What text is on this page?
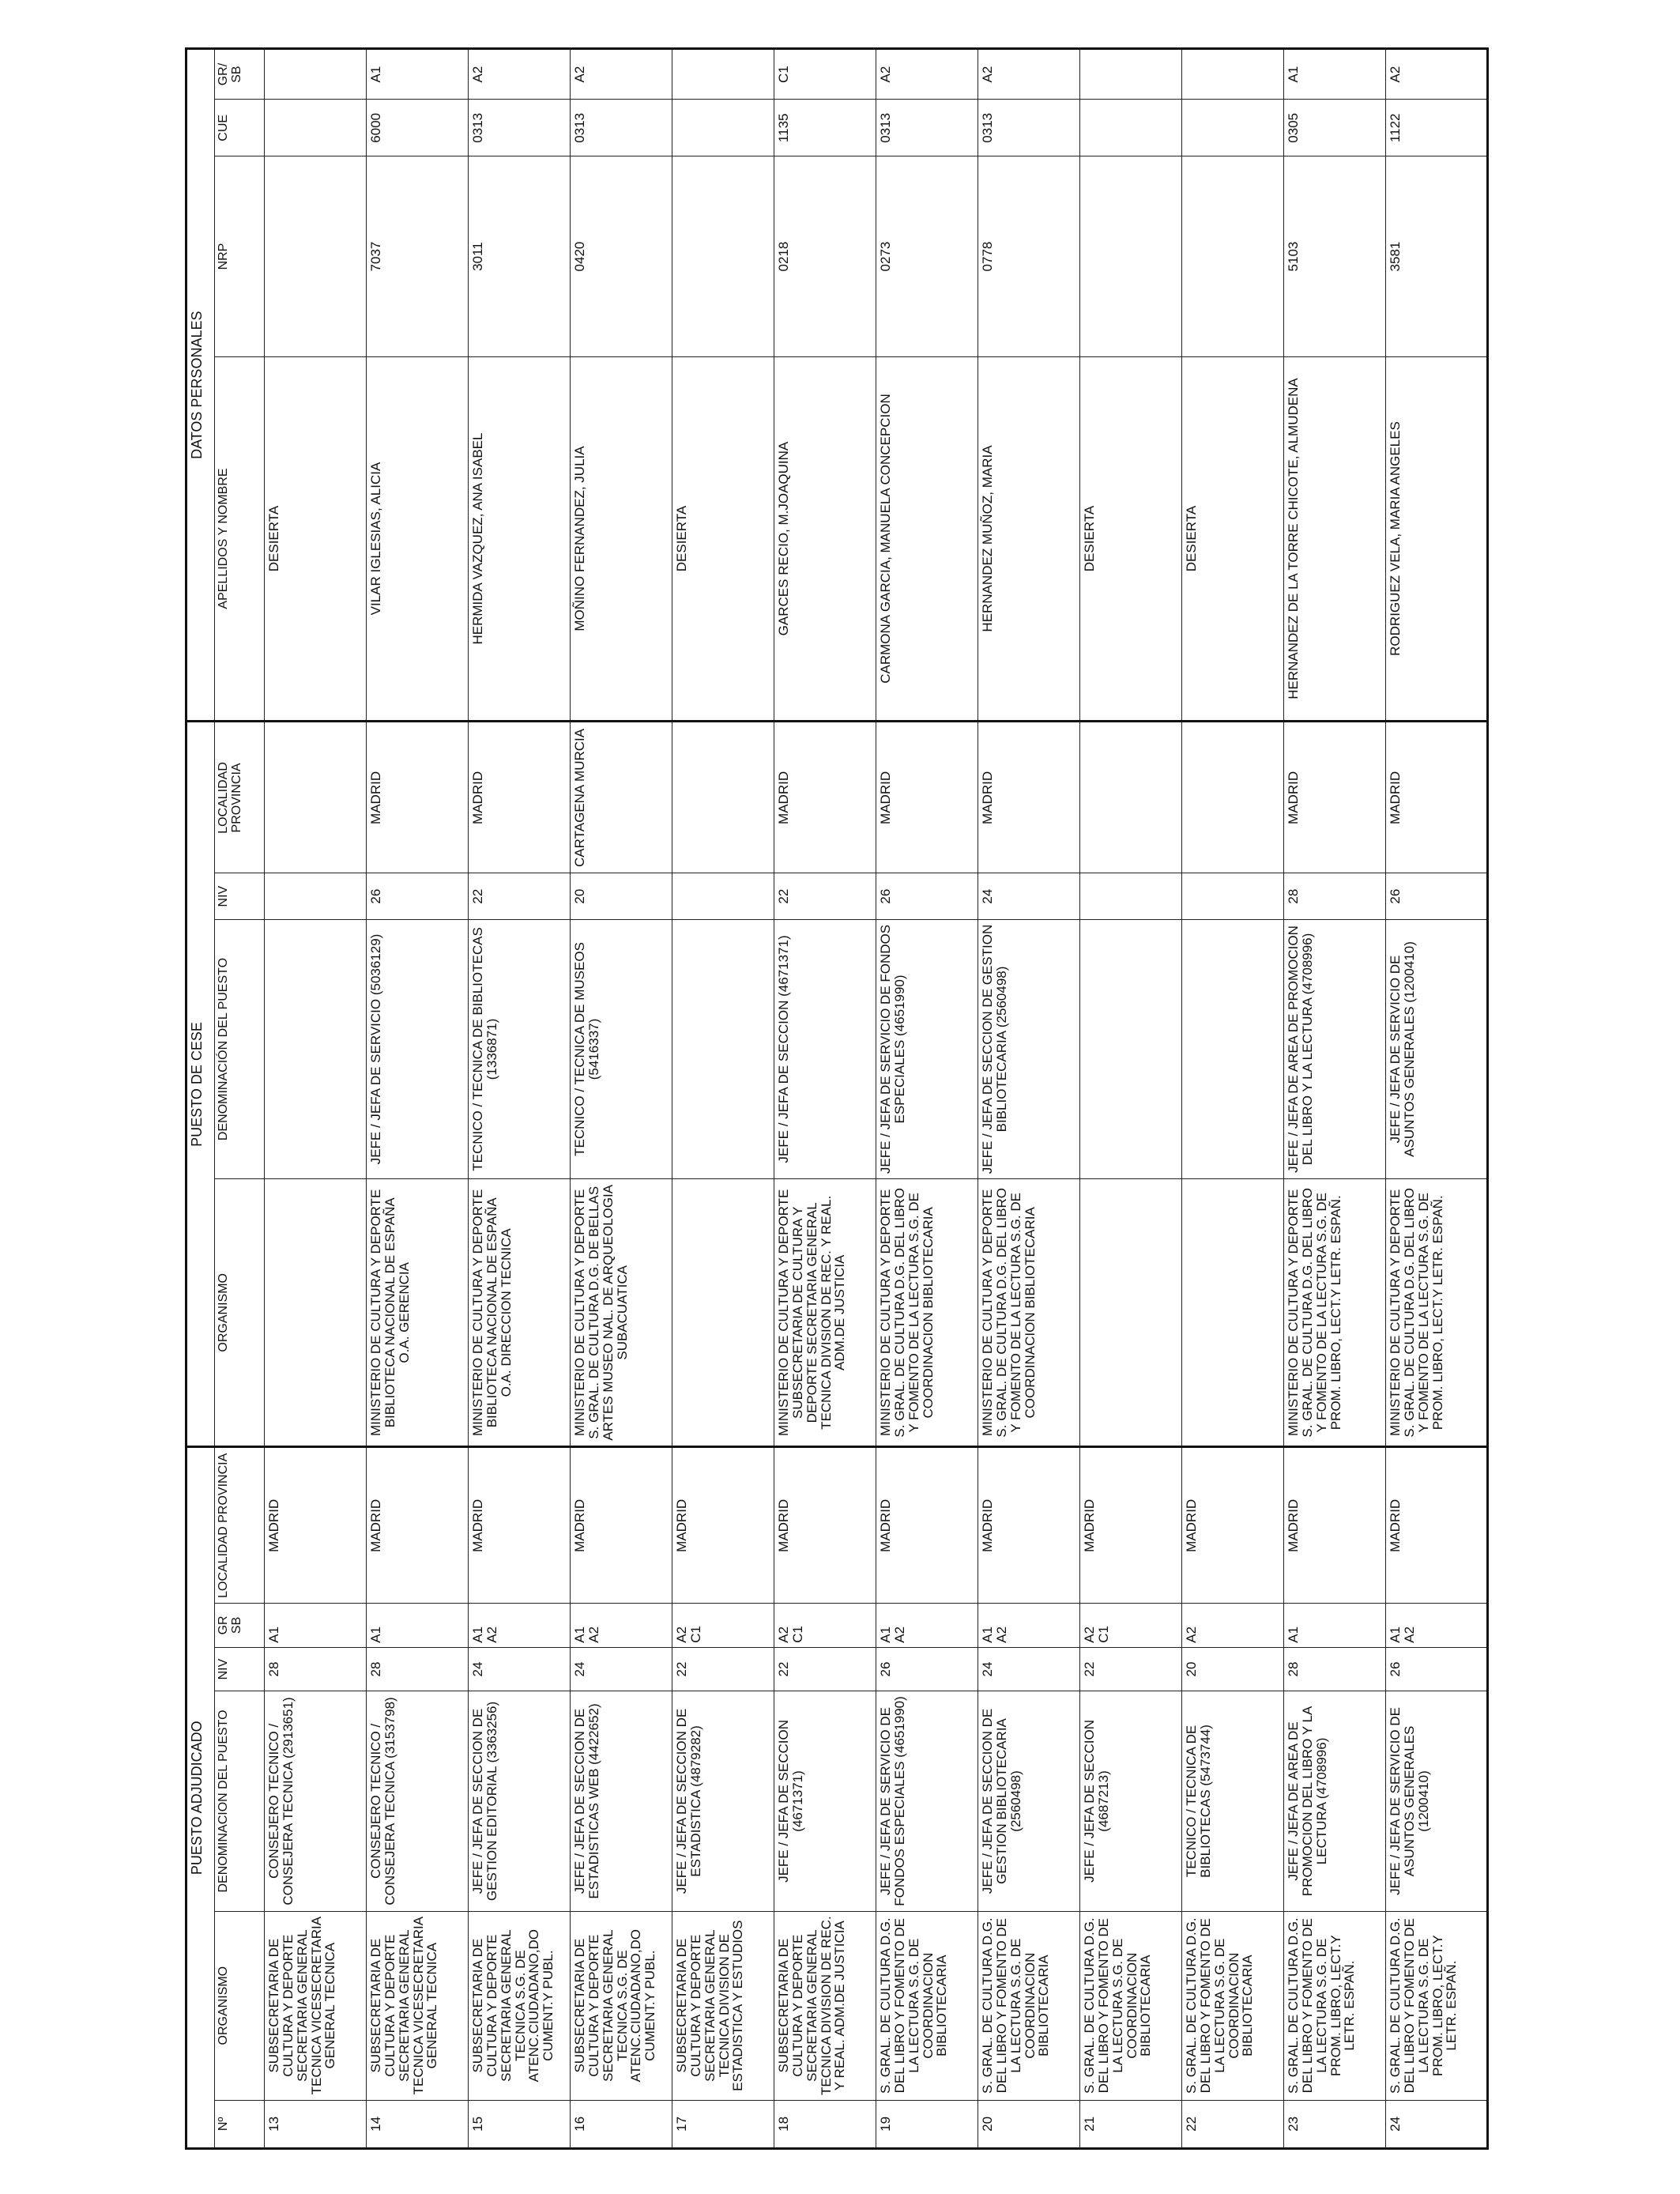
PUESTO ADJUDICADO						PUESTO DE CESE				DATOS PERSONALES			
Nº	ORGANISMO	DENOMINACION DEL PUESTO	NIV	GR SB	LOCALIDAD PROVINCIA	ORGANISMO	DENOMINACIÓN DEL PUESTO	NIV	LOCALIDAD PROVINCIA	APELLIDOS Y NOMBRE	NRP	CUE	GR/ SB
13	SUBSECRETARIA DE CULTURA Y DEPORTE SECRETARIA GENERAL TECNICA VICESECRETARIA GENERAL TECNICA	CONSEJERO TECNICO / CONSEJERA TECNICA (2913651)	28	A1	MADRID					DESIERTA			
14	SUBSECRETARIA DE CULTURA Y DEPORTE SECRETARIA GENERAL TECNICA VICESECRETARIA GENERAL TECNICA	CONSEJERO TECNICO / CONSEJERA TECNICA (3153798)	28	A1	MADRID	MINISTERIO DE CULTURA Y DEPORTE BIBLIOTECA NACIONAL DE ESPAÑA O.A. GERENCIA	JEFE / JEFA DE SERVICIO (5036129)	26	MADRID	VILAR IGLESIAS, ALICIA	7037	6000	A1
15	SUBSECRETARIA DE CULTURA Y DEPORTE SECRETARIA GENERAL TECNICA S.G. DE ATENC.CIUDADANO,DO CUMENT.Y PUBL.	JEFE / JEFA DE SECCION DE GESTION EDITORIAL (3363256)	24	A1 A2	MADRID	MINISTERIO DE CULTURA Y DEPORTE BIBLIOTECA NACIONAL DE ESPAÑA O.A. DIRECCION TECNICA	TECNICO / TECNICA DE BIBLIOTECAS (1336871)	22	MADRID	HERMIDA VAZQUEZ, ANA ISABEL	3011	0313	A2
16	SUBSECRETARIA DE CULTURA Y DEPORTE SECRETARIA GENERAL TECNICA S.G. DE ATENC.CIUDADANO,DO CUMENT.Y PUBL.	JEFE / JEFA DE SECCION DE ESTADISTICAS WEB (4422652)	24	A1 A2	MADRID	MINISTERIO DE CULTURA Y DEPORTE S. GRAL. DE CULTURA D.G. DE BELLAS ARTES MUSEO NAL. DE ARQUEOLOGIA SUBACUATICA	TECNICO / TECNICA DE MUSEOS (5416337)	20	CARTAGENA MURCIA	MOÑINO FERNANDEZ, JULIA	0420	0313	A2
17	SUBSECRETARIA DE CULTURA Y DEPORTE SECRETARIA GENERAL TECNICA DIVISION DE ESTADISTICA Y ESTUDIOS	JEFE / JEFA DE SECCION DE ESTADISTICA (4879282)	22	A2 C1	MADRID					DESIERTA			
18	SUBSECRETARIA DE CULTURA Y DEPORTE SECRETARIA GENERAL TECNICA DIVISION DE REC. Y REAL. ADM.DE JUSTICIA	JEFE / JEFA DE SECCION (4671371)	22	A2 C1	MADRID	MINISTERIO DE CULTURA Y DEPORTE SUBSECRETARIA DE CULTURA Y DEPORTE SECRETARIA GENERAL TECNICA DIVISION DE REC. Y REAL. ADM.DE JUSTICIA	JEFE / JEFA DE SECCION (4671371)	22	MADRID	GARCES RECIO, M.JOAQUINA	0218	1135	C1
19	S. GRAL. DE CULTURA D.G. DEL LIBRO Y FOMENTO DE LA LECTURA S.G. DE COORDINACION BIBLIOTECARIA	JEFE / JEFA DE SERVICIO DE FONDOS ESPECIALES (4651990)	26	A1 A2	MADRID	MINISTERIO DE CULTURA Y DEPORTE S. GRAL. DE CULTURA D.G. DEL LIBRO Y FOMENTO DE LA LECTURA S.G. DE COORDINACION BIBLIOTECARIA	JEFE / JEFA DE SERVICIO DE FONDOS ESPECIALES (4651990)	26	MADRID	CARMONA GARCIA, MANUELA CONCEPCION	0273	0313	A2
20	S. GRAL. DE CULTURA D.G. DEL LIBRO Y FOMENTO DE LA LECTURA S.G. DE COORDINACION BIBLIOTECARIA	JEFE / JEFA DE SECCION DE GESTION BIBLIOTECARIA (2560498)	24	A1 A2	MADRID	MINISTERIO DE CULTURA Y DEPORTE S. GRAL. DE CULTURA D.G. DEL LIBRO Y FOMENTO DE LA LECTURA S.G. DE COORDINACION BIBLIOTECARIA	JEFE / JEFA DE SECCION DE GESTION BIBLIOTECARIA (2560498)	24	MADRID	HERNANDEZ MUÑOZ, MARIA	0778	0313	A2
21	S. GRAL. DE CULTURA D.G. DEL LIBRO Y FOMENTO DE LA LECTURA S.G. DE COORDINACION BIBLIOTECARIA	JEFE / JEFA DE SECCION (4687213)	22	A2 C1	MADRID					DESIERTA			
22	S. GRAL. DE CULTURA D.G. DEL LIBRO Y FOMENTO DE LA LECTURA S.G. DE COORDINACION BIBLIOTECARIA	TECNICO / TECNICA DE BIBLIOTECAS (5473744)	20	A2	MADRID					DESIERTA			
23	S. GRAL. DE CULTURA D.G. DEL LIBRO Y FOMENTO DE LA LECTURA S.G. DE PROM. LIBRO, LECT.Y LETR. ESPAÑ.	JEFE / JEFA DE AREA DE PROMOCION DEL LIBRO Y LA LECTURA (4708996)	28	A1	MADRID	MINISTERIO DE CULTURA Y DEPORTE S. GRAL. DE CULTURA D.G. DEL LIBRO Y FOMENTO DE LA LECTURA S.G. DE PROM. LIBRO, LECT.Y LETR. ESPAÑ.	JEFE / JEFA DE AREA DE PROMOCION DEL LIBRO Y LA LECTURA (4708996)	28	MADRID	HERNANDEZ DE LA TORRE CHICOTE, ALMUDENA	5103	0305	A1
24	S. GRAL. DE CULTURA D.G. DEL LIBRO Y FOMENTO DE LA LECTURA S.G. DE PROM. LIBRO, LECT.Y LETR. ESPAÑ.	JEFE / JEFA DE SERVICIO DE ASUNTOS GENERALES (1200410)	26	A1 A2	MADRID	MINISTERIO DE CULTURA Y DEPORTE S. GRAL. DE CULTURA D.G. DEL LIBRO Y FOMENTO DE LA LECTURA S.G. DE PROM. LIBRO, LECT.Y LETR. ESPAÑ.	JEFE / JEFA DE SERVICIO DE ASUNTOS GENERALES (1200410)	26	MADRID	RODRIGUEZ VELA, MARIA ANGELES	3581	1122	A2
